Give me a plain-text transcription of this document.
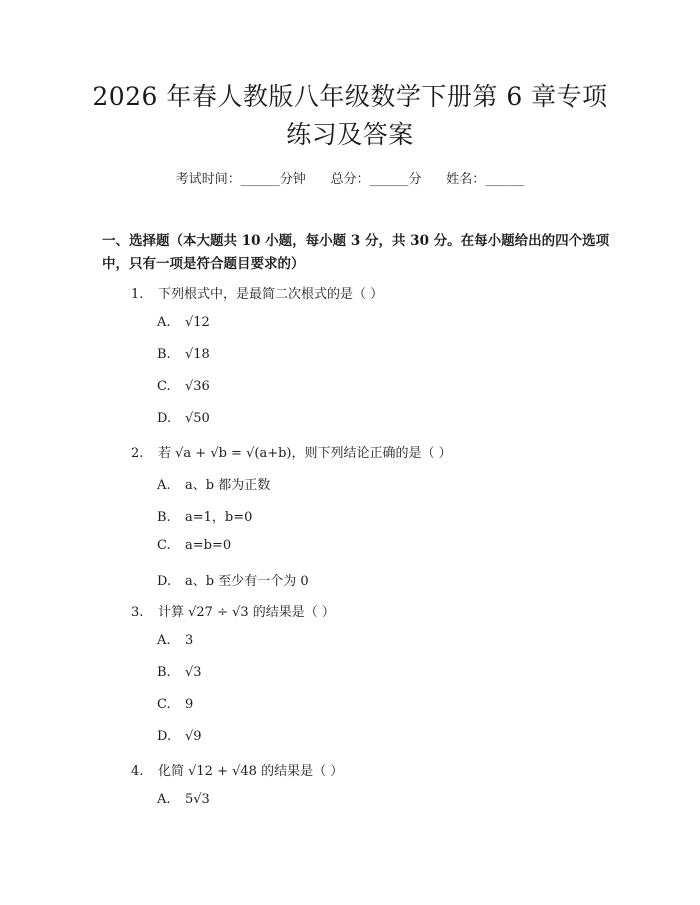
2026 年春人教版八年级数学下册第 6 章专项
练习及答案
考试时间：______分钟      总分：______分      姓名：______

一、选择题（本大题共 10 小题，每小题 3 分，共 30 分。在每小题给出的四个选项中，只有一项是符合题目要求的）

1. 下列根式中，是最简二次根式的是（ ）
A. √12
B. √18
C. √36
D. √50
2. 若 √a + √b = √(a+b)，则下列结论正确的是（ ）
A. a、b 都为正数
B. a=1，b=0
C. a=b=0
D. a、b 至少有一个为 0
3. 计算 √27 ÷ √3 的结果是（ ）
A. 3
B. √3
C. 9
D. √9
4. 化简 √12 + √48 的结果是（ ）
A. 5√3
